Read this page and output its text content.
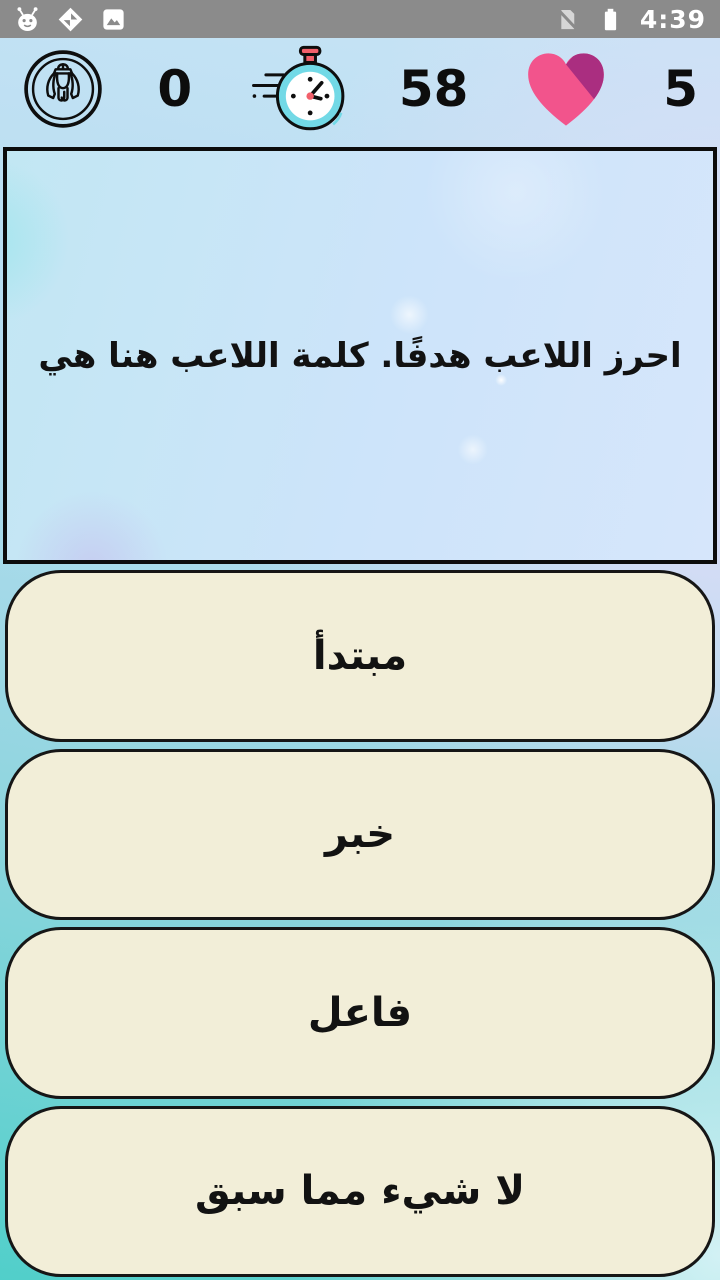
4:39
0	58	5
احرز اللاعب هدفًا. كلمة اللاعب هنا هي
مبتدأ
خبر
فاعل
لا شيء مما سبق
